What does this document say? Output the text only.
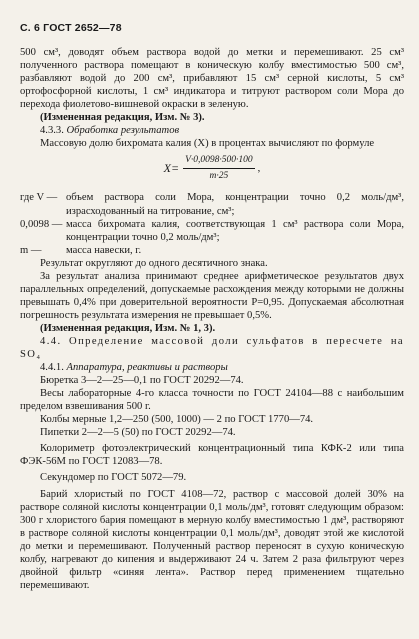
С. 6 ГОСТ 2652—78

500 см³, доводят объем раствора водой до метки и перемешивают. 25 см³ полученного раствора помещают в коническую колбу вместимостью 500 см³, разбавляют водой до 200 см³, прибавляют 15 см³ серной кислоты, 5 см³ ортофосфорной кислоты, 1 см³ индикатора и титруют раствором соли Мора до перехода фиолетово-вишневой окраски в зеленую.

(Измененная редакция, Изм. № 3).

4.3.3. Обработка результатов

Массовую долю бихромата калия (X) в процентах вычисляют по формуле

$X= \frac{V\cdot 0,0098\cdot 500\cdot 100}{m\cdot 25}$ ,
где V — объем раствора соли Мора, концентрации точно 0,2 моль/дм³, израсходованный на титрование, см³;
0,0098 — масса бихромата калия, соответствующая 1 см³ раствора соли Мора, концентрации точно 0,2 моль/дм³;
m —	масса навески, г.

Результат округляют до одного десятичного знака.

За результат анализа принимают среднее арифметическое результатов двух параллельных определений, допускаемые расхождения между которыми не должны превышать 0,4% при доверительной вероятности P=0,95. Допускаемая абсолютная погрешность результата измерения не превышает 0,5%.

(Измененная редакция, Изм. № 1, 3).

4.4. Определение массовой доли сульфатов в пересчете на SO₄

4.4.1. Аппаратура, реактивы и растворы

Бюретка 3—2—25—0,1 по ГОСТ 20292—74.

Весы лабораторные 4-го класса точности по ГОСТ 24104—88 с наибольшим пределом взвешивания 500 г.

Колбы мерные 1,2—250 (500, 1000) — 2 по ГОСТ 1770—74.

Пипетки 2—2—5 (50) по ГОСТ 20292—74.

Колориметр фотоэлектрический концентрационный типа КФК-2 или типа ФЭК-56М по ГОСТ 12083—78.

Секундомер по ГОСТ 5072—79.

Барий хлористый по ГОСТ 4108—72, раствор с массовой долей 30% на растворе соляной кислоты концентрации 0,1 моль/дм³, готовят следующим образом: 300 г хлористого бария помещают в мерную колбу вместимостью 1 дм³, растворяют в растворе соляной кислоты концентрации 0,1 моль/дм³, доводят этой же кислотой до метки и перемешивают. Полученный раствор переносят в сухую коническую колбу, нагревают до кипения и выдерживают 24 ч. Затем 2 раза фильтруют через двойной фильтр «синяя лента». Раствор перед применением тщательно перемешивают.
